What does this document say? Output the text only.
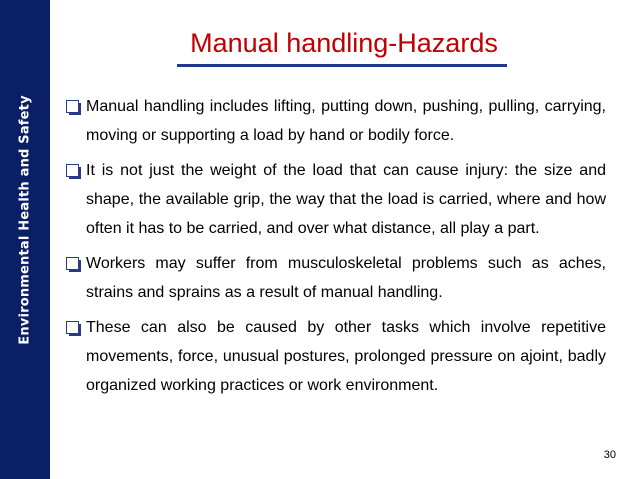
Environmental Health and Safety
Manual handling-Hazards
Manual handling includes lifting, putting down, pushing, pulling, carrying, moving or supporting a load by hand or bodily force.
It is not just the weight of the load that can cause injury: the size and shape, the available grip, the way that the load is carried, where and how often it has to be carried, and over what distance, all play a part.
Workers may suffer from musculoskeletal problems such as aches, strains and sprains as a result of manual handling.
These can also be caused by other tasks which involve repetitive movements, force, unusual postures, prolonged pressure on ajoint, badly organized working practices or work environment.
30
